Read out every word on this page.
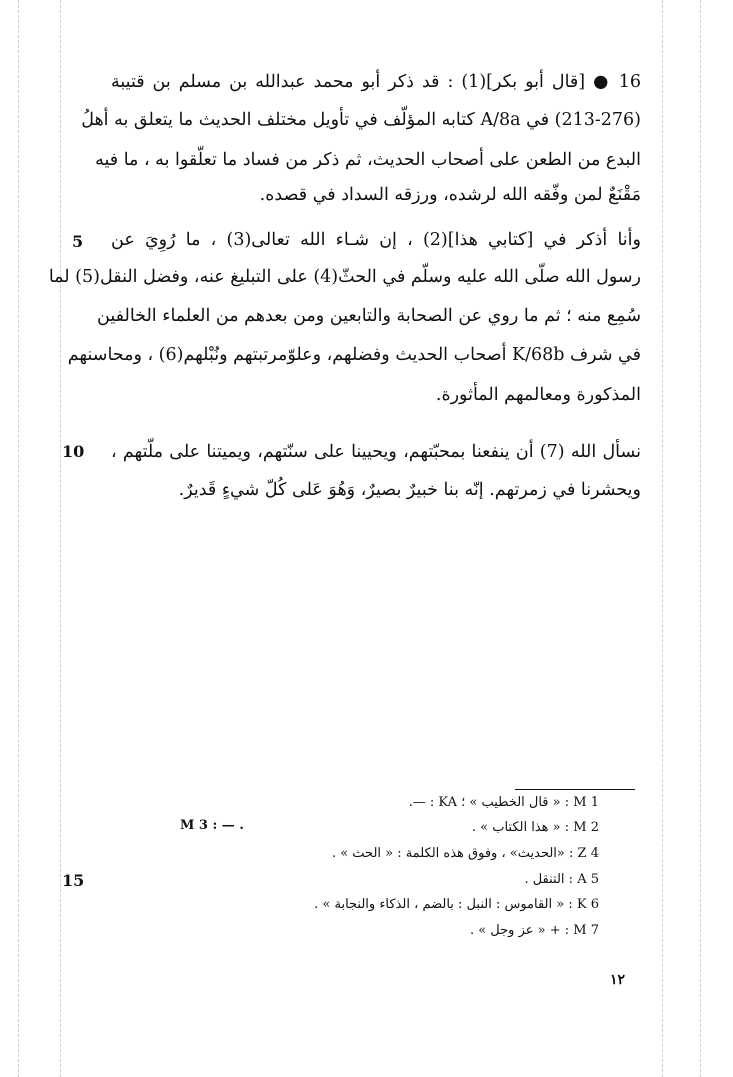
16 ● [قال أبو بكر](1) : قد ذكر أبو محمد عبدالله بن مسلم بن قتيبة
(213-276) في A/8a كتابه المؤلّف في تأويل مختلف الحديث ما يتعلق به أهلُ
البدع من الطعن على أصحاب الحديث، ثم ذكر من فساد ما تعلّقوا به ، ما فيه
مَقْنَعٌ لمن وفّقه الله لرشده، ورزقه السداد في قصده.
وأنا أذكر في [كتابي هذا](2) ، إن شـاء الله تعالى(3) ، ما رُوِيَ عن
رسول الله صلّى الله عليه وسلّم في الحثّ(4) على التبليغ عنه، وفضل النقل(5) لما
سُمِع منه ؛ ثم ما روي عن الصحابة والتابعين ومن بعدهم من العلماء الخالفين
في شرف K/68b أصحاب الحديث وفضلهم، وعلوّمرتبتهم ونُبْلهم(6) ، ومحاسنهم
المذكورة ومعالمهم المأثورة.
نسأل الله (7) أن ينفعنا بمحبّتهم، ويحيينا على سنّتهم، ويميتنا على ملّتهم ،
ويحشرنا في زمرتهم. إنّه بنا خبيرٌ بصيرٌ، وَهُوَ عَلى كُلّ شيءٍ قَديرٌ.
5
10
15
1 M : « قال الخطيب » ؛ KA : —.
2 M : « هذا الكتاب » .
4 Z : «الحديث» ، وفوق هذه الكلمة : « الحث » .
5 A : التنقل .
6 K : « القاموس : النبل : بالضم ، الذكاء والنجابة » .
7 M : + « عز وجل » .
M 3 : — .
١٢
